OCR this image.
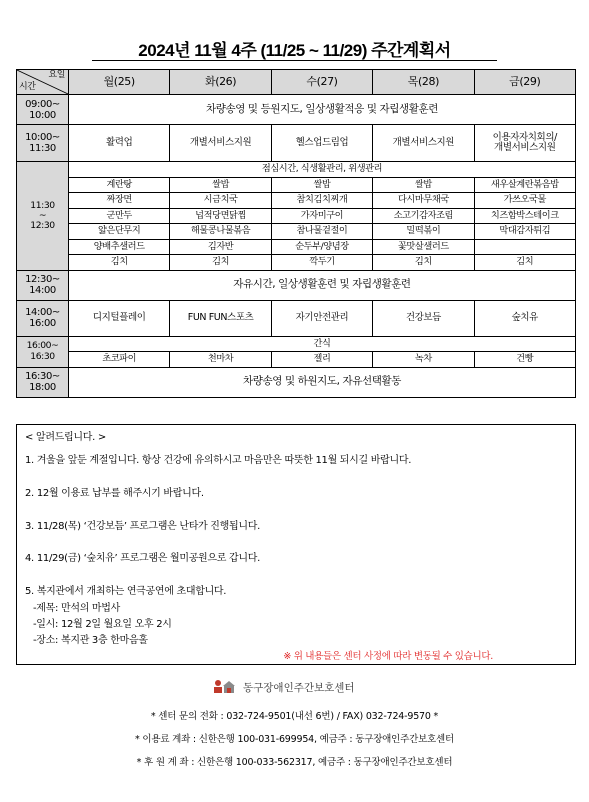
2024년 11월 4주 (11/25 ~ 11/29) 주간계획서
요일
시간	월(25)	화(26)	수(27)	목(28)	금(29)
09:00~
10:00	차량송영 및 등원지도, 일상생활적응 및 자립생활훈련				
10:00~
11:30	활력업	개별서비스지원	헬스업드림업	개별서비스지원	이용자자치회의/
개별서비스지원
11:30
~
12:30	점심시간, 식생활관리, 위생관리				
	계란탕	쌀밥	쌀밥	쌀밥	새우살계란볶음밥
	짜장면	시금치국	참치김치찌개	다시마무채국	가쓰오국물
	군만두	넙적당면닭찜	가자미구이	소고기감자조림	치즈함박스테이크
	얇은단무지	해물콩나물볶음	참나물겉절이	밀떡볶이	막대감자튀김
	양배추샐러드	김자반	순두부/양념장	꽃맛살샐러드	
	김치	김치	깍두기	김치	김치
12:30~
14:00	자유시간, 일상생활훈련 및 자립생활훈련				
14:00~
16:00	디지털플레이	FUN FUN스포츠	자기안전관리	건강보듬	숲치유
16:00~
16:30	간식				
	초코파이	천마차	젤리	녹차	건빵
16:30~
18:00	차량송영 및 하원지도, 자유선택활동				
< 알려드립니다. >
1. 겨울을 앞둔 계절입니다. 항상 건강에 유의하시고 마음만은 따뜻한 11월 되시길 바랍니다.
2. 12월 이용료 납부를 해주시기 바랍니다.
3. 11/28(목) ‘건강보듬’ 프로그램은 난타가 진행됩니다.
4. 11/29(금) ‘숲치유’ 프로그램은 월미공원으로 갑니다.
5. 복지관에서 개최하는 연극공연에 초대합니다.
-제목: 만석의 마법사
-일시: 12월 2일 월요일 오후 2시
-장소: 복지관 3층 한마음홀
※ 위 내용들은 센터 사정에 따라 변동될 수 있습니다.
동구장애인주간보호센터
* 센터 문의 전화 : 032-724-9501(내선 6번) / FAX) 032-724-9570 *
* 이용료 계좌 : 신한은행 100-031-699954, 예금주 : 동구장애인주간보호센터
* 후 원 계 좌 : 신한은행 100-033-562317, 예금주 : 동구장애인주간보호센터
